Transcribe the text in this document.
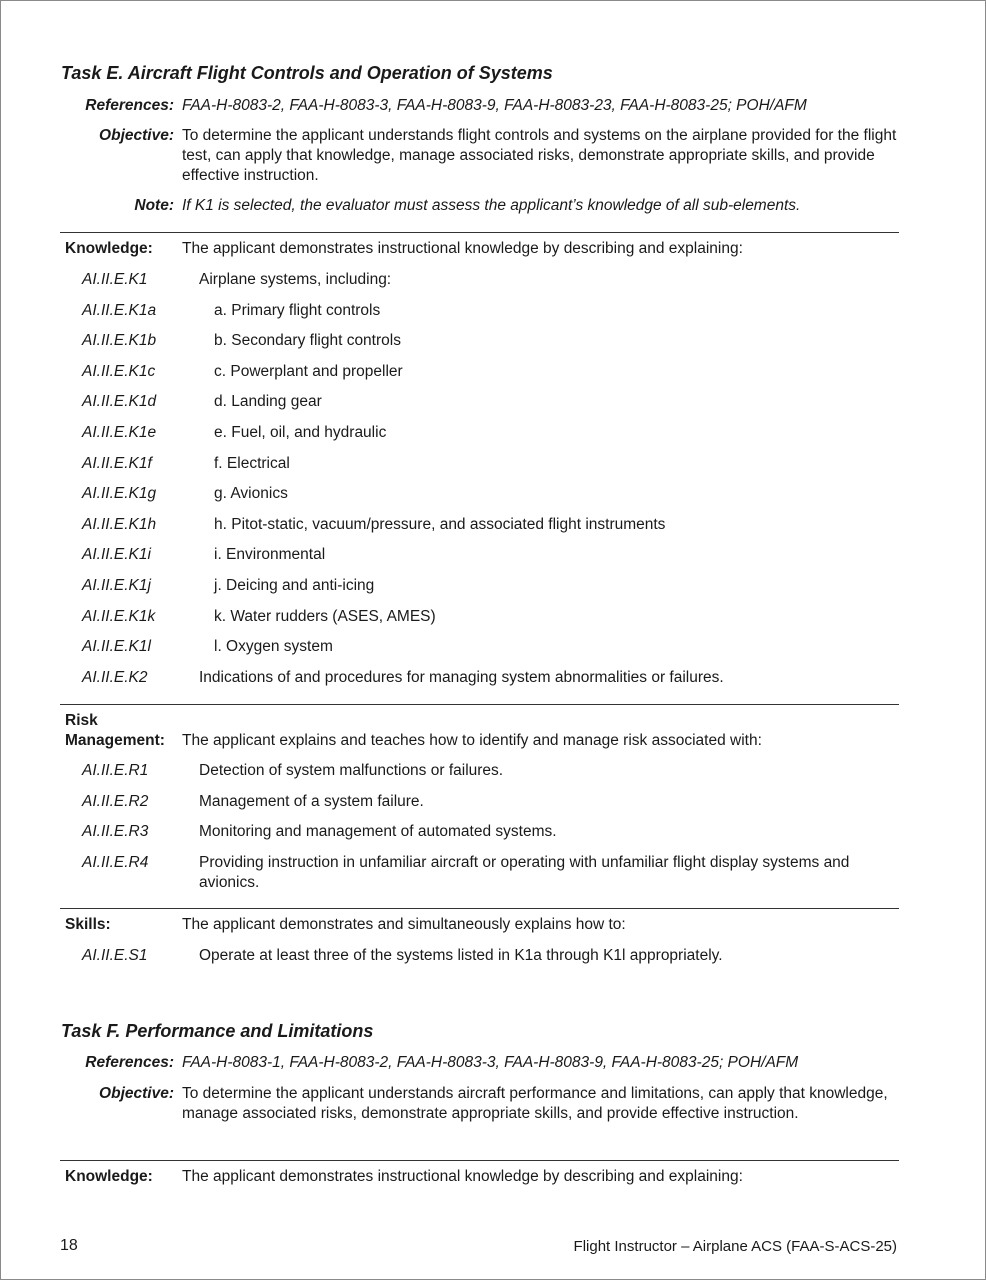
Task E. Aircraft Flight Controls and Operation of Systems
References: FAA-H-8083-2, FAA-H-8083-3, FAA-H-8083-9, FAA-H-8083-23, FAA-H-8083-25; POH/AFM
Objective: To determine the applicant understands flight controls and systems on the airplane provided for the flight test, can apply that knowledge, manage associated risks, demonstrate appropriate skills, and provide effective instruction.
Note: If K1 is selected, the evaluator must assess the applicant’s knowledge of all sub-elements.
Knowledge: The applicant demonstrates instructional knowledge by describing and explaining:
AI.II.E.K1	Airplane systems, including:
AI.II.E.K1a	a. Primary flight controls
AI.II.E.K1b	b. Secondary flight controls
AI.II.E.K1c	c. Powerplant and propeller
AI.II.E.K1d	d. Landing gear
AI.II.E.K1e	e. Fuel, oil, and hydraulic
AI.II.E.K1f	f. Electrical
AI.II.E.K1g	g. Avionics
AI.II.E.K1h	h. Pitot-static, vacuum/pressure, and associated flight instruments
AI.II.E.K1i	i. Environmental
AI.II.E.K1j	j. Deicing and anti-icing
AI.II.E.K1k	k. Water rudders (ASES, AMES)
AI.II.E.K1l	l. Oxygen system
AI.II.E.K2	Indications of and procedures for managing system abnormalities or failures.
Risk
Management: The applicant explains and teaches how to identify and manage risk associated with:
AI.II.E.R1	Detection of system malfunctions or failures.
AI.II.E.R2	Management of a system failure.
AI.II.E.R3	Monitoring and management of automated systems.
AI.II.E.R4	Providing instruction in unfamiliar aircraft or operating with unfamiliar flight display systems and avionics.
Skills:	The applicant demonstrates and simultaneously explains how to:
AI.II.E.S1	Operate at least three of the systems listed in K1a through K1l appropriately.
Task F. Performance and Limitations
References: FAA-H-8083-1, FAA-H-8083-2, FAA-H-8083-3, FAA-H-8083-9, FAA-H-8083-25; POH/AFM
Objective: To determine the applicant understands aircraft performance and limitations, can apply that knowledge, manage associated risks, demonstrate appropriate skills, and provide effective instruction.
Knowledge: The applicant demonstrates instructional knowledge by describing and explaining:
18	Flight Instructor – Airplane ACS (FAA-S-ACS-25)
